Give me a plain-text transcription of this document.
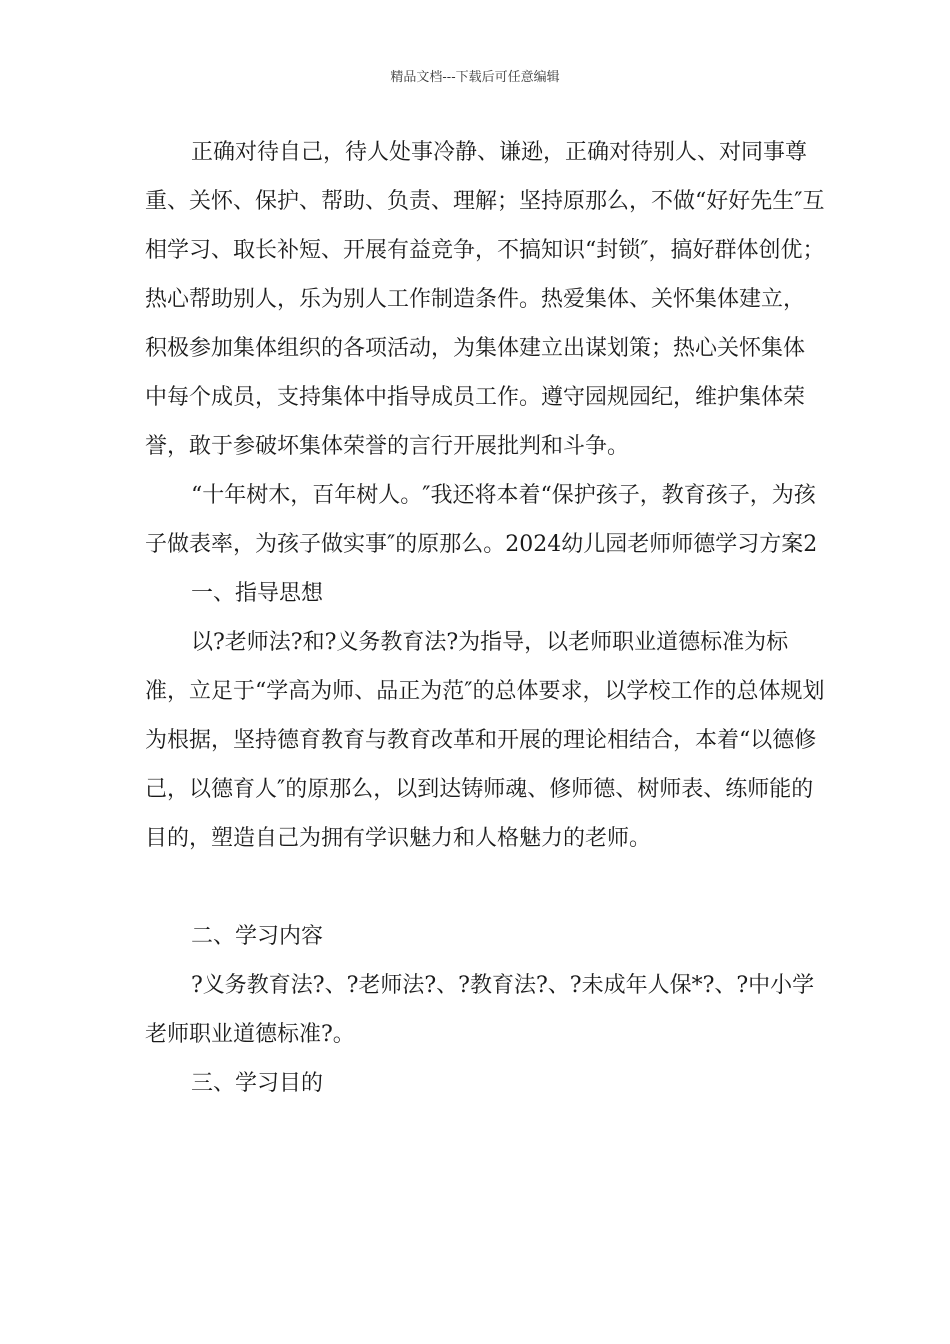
精品文档---下载后可任意编辑

正确对待自己，待人处事冷静、谦逊，正确对待别人、对同事尊重、关怀、保护、帮助、负责、理解；坚持原那么，不做“好好先生″互相学习、取长补短、开展有益竞争，不搞知识“封锁″，搞好群体创优；热心帮助别人，乐为别人工作制造条件。热爱集体、关怀集体建立，积极参加集体组织的各项活动，为集体建立出谋划策；热心关怀集体中每个成员，支持集体中指导成员工作。遵守园规园纪，维护集体荣誉，敢于参破坏集体荣誉的言行开展批判和斗争。

“十年树木，百年树人。″我还将本着“保护孩子，教育孩子，为孩子做表率，为孩子做实事″的原那么。2024幼儿园老师师德学习方案2

一、指导思想

以?老师法?和?义务教育法?为指导，以老师职业道德标准为标准，立足于“学高为师、品正为范″的总体要求，以学校工作的总体规划为根据，坚持德育教育与教育改革和开展的理论相结合，本着“以德修己，以德育人″的原那么，以到达铸师魂、修师德、树师表、练师能的目的，塑造自己为拥有学识魅力和人格魅力的老师。

二、学习内容

?义务教育法?、?老师法?、?教育法?、?未成年人保*?、?中小学老师职业道德标准?。

三、学习目的
